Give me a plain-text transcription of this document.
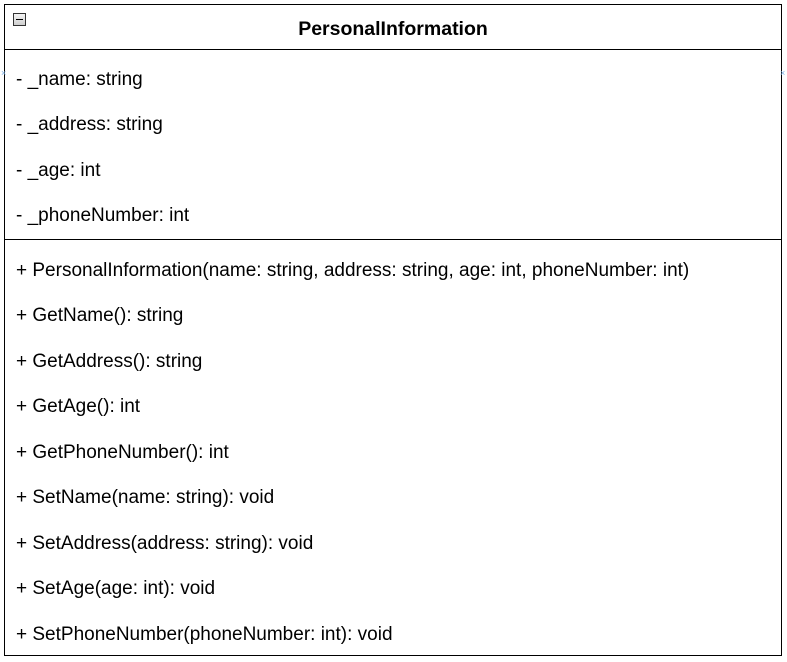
PersonalInformation
- _name: string
- _address: string
- _age: int
- _phoneNumber: int
+ PersonalInformation(name: string, address: string, age: int, phoneNumber: int)
+ GetName(): string
+ GetAddress(): string
+ GetAge(): int
+ GetPhoneNumber(): int
+ SetName(name: string): void
+ SetAddress(address: string): void
+ SetAge(age: int): void
+ SetPhoneNumber(phoneNumber: int): void
×	×
